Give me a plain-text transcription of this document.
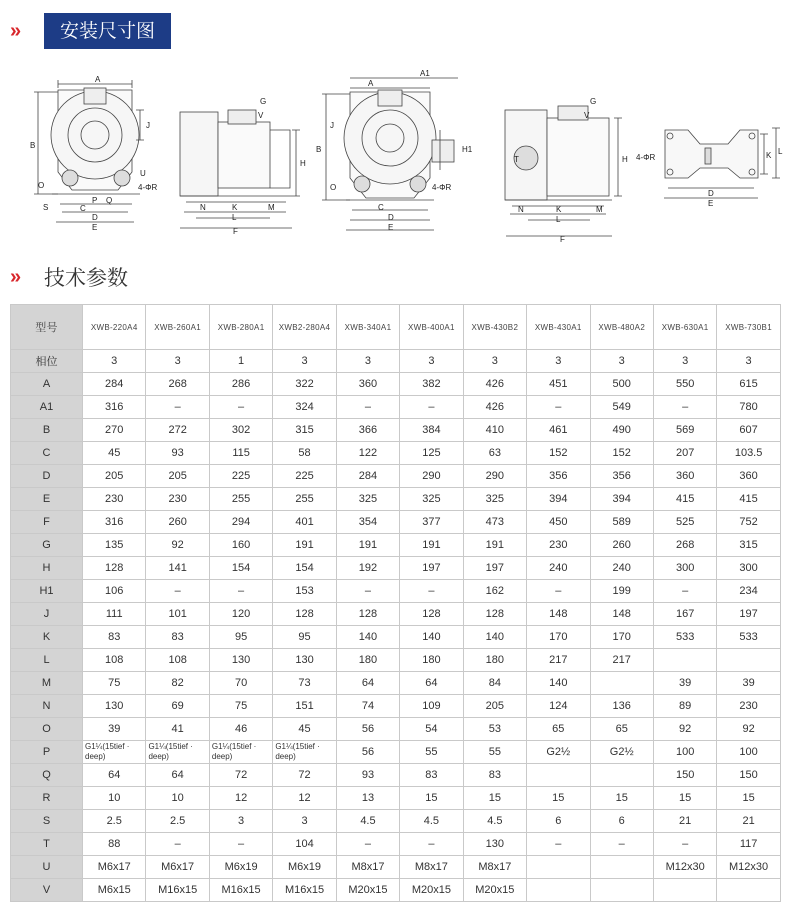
»	安装尺寸图
A
B
J
O
S
P
C
Q
D
E
U
4-ΦR
G
V
H
N	K
L
M
F
A
A1
B
J
H1
O
C
D
E
4-ΦR
G
V
T	H
N	K
L
M
F
K L
4-ΦR
D
E
»	技术参数
型号	XWB-220A4	XWB-260A1	XWB-280A1	XWB2-280A4	XWB-340A1	XWB-400A1	XWB-430B2	XWB-430A1	XWB-480A2	XWB-630A1	XWB-730B1
相位	3	3	1	3	3	3	3	3	3	3	3
A	284	268	286	322	360	382	426	451	500	550	615
A1	316	–	–	324	–	–	426	–	549	–	780
B	270	272	302	315	366	384	410	461	490	569	607
C	45	93	115	58	122	125	63	152	152	207	103.5
D	205	205	225	225	284	290	290	356	356	360	360
E	230	230	255	255	325	325	325	394	394	415	415
F	316	260	294	401	354	377	473	450	589	525	752
G	135	92	160	191	191	191	191	230	260	268	315
H	128	141	154	154	192	197	197	240	240	300	300
H1	106	–	–	153	–	–	162	–	199	–	234
J	111	101	120	128	128	128	128	148	148	167	197
K	83	83	95	95	140	140	140	170	170	533	533
L	108	108	130	130	180	180	180	217	217		
M	75	82	70	73	64	64	84	140		39	39
N	130	69	75	151	74	109	205	124	136	89	230
O	39	41	46	45	56	54	53	65	65	92	92
P	G1¼(15tief · deep)	G1¼(15tief · deep)	G1¼(15tief · deep)	G1¼(15tief · deep)	56	55	55	G2½	G2½	100	100
Q	64	64	72	72	93	83	83			150	150
R	10	10	12	12	13	15	15	15	15	15	15
S	2.5	2.5	3	3	4.5	4.5	4.5	6	6	21	21
T	88	–	–	104	–	–	130	–	–	–	117
U	M6x17	M6x17	M6x19	M6x19	M8x17	M8x17	M8x17			M12x30	M12x30
V	M6x15	M16x15	M16x15	M16x15	M20x15	M20x15	M20x15				
